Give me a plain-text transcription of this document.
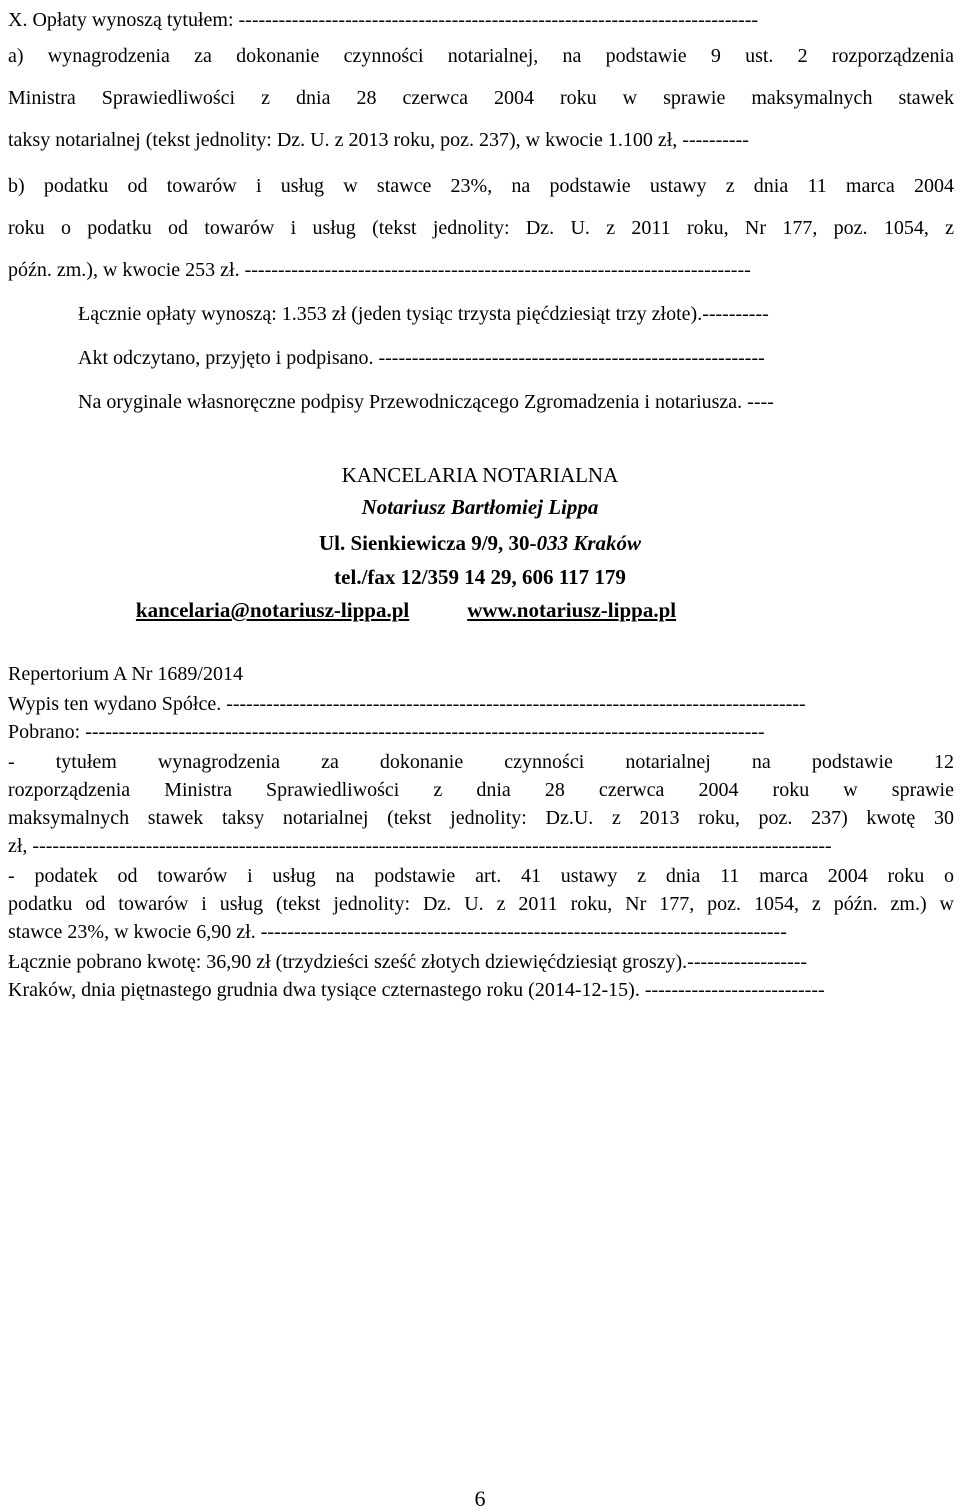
X. Opłaty wynoszą tytułem: ------------------------------------------------------------------------------
a) wynagrodzenia za dokonanie czynności notarialnej, na podstawie 9 ust. 2 rozporządzenia
Ministra Sprawiedliwości z dnia 28 czerwca 2004 roku w sprawie maksymalnych stawek
taksy notarialnej (tekst jednolity: Dz. U. z 2013 roku, poz. 237), w kwocie 1.100 zł, ----------
b) podatku od towarów i usług w stawce 23%, na podstawie ustawy z dnia 11 marca 2004
roku o podatku od towarów i usług (tekst jednolity: Dz. U. z 2011 roku, Nr 177, poz. 1054, z
późn. zm.), w kwocie 253 zł. ----------------------------------------------------------------------------
Łącznie opłaty wynoszą: 1.353 zł (jeden tysiąc trzysta pięćdziesiąt trzy złote).----------
Akt odczytano, przyjęto i podpisano. ----------------------------------------------------------
Na oryginale własnoręczne podpisy Przewodniczącego Zgromadzenia i notariusza. ----
KANCELARIA NOTARIALNA
Notariusz Bartłomiej Lippa
Ul. Sienkiewicza 9/9, 30-033 Kraków
tel./fax 12/359 14 29, 606 117 179
kancelaria@notariusz-lippa.pl	www.notariusz-lippa.pl
Repertorium A Nr 1689/2014
Wypis ten wydano Spółce. ---------------------------------------------------------------------------------------
Pobrano: ------------------------------------------------------------------------------------------------------
- tytułem wynagrodzenia za dokonanie czynności notarialnej na podstawie 12
rozporządzenia Ministra Sprawiedliwości z dnia 28 czerwca 2004 roku w sprawie
maksymalnych stawek taksy notarialnej (tekst jednolity: Dz.U. z 2013 roku, poz. 237) kwotę 30
zł, ------------------------------------------------------------------------------------------------------------------------
- podatek od towarów i usług na podstawie art. 41 ustawy z dnia 11 marca 2004 roku o
podatku od towarów i usług (tekst jednolity: Dz. U. z 2011 roku, Nr 177, poz. 1054, z późn. zm.) w
stawce 23%, w kwocie 6,90 zł. -------------------------------------------------------------------------------
Łącznie pobrano kwotę: 36,90 zł (trzydzieści sześć złotych dziewięćdziesiąt groszy).------------------
Kraków, dnia piętnastego grudnia dwa tysiące czternastego roku (2014-12-15). ---------------------------
6
